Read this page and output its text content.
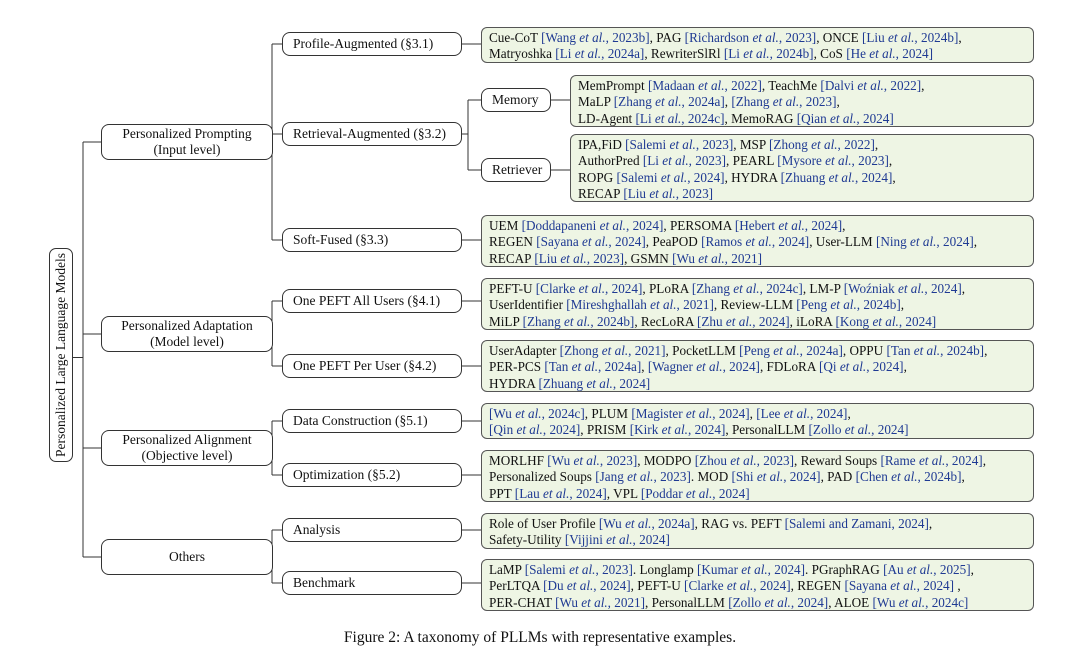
Personalized Large Language Models
Personalized Prompting
(Input level)
Profile-Augmented (§3.1)	Cue-CoT [Wang et al., 2023b], PAG [Richardson et al., 2023], ONCE [Liu et al., 2024b],
Matryoshka [Li et al., 2024a], RewriterSlRl [Li et al., 2024b], CoS [He et al., 2024]
Retrieval-Augmented (§3.2)
Memory
MemPrompt [Madaan et al., 2022], TeachMe [Dalvi et al., 2022],
MaLP [Zhang et al., 2024a], [Zhang et al., 2023],
LD-Agent [Li et al., 2024c], MemoRAG [Qian et al., 2024]
Retriever
IPA,FiD [Salemi et al., 2023], MSP [Zhong et al., 2022],
AuthorPred [Li et al., 2023], PEARL [Mysore et al., 2023],
ROPG [Salemi et al., 2024], HYDRA [Zhuang et al., 2024],
RECAP [Liu et al., 2023]
Soft-Fused (§3.3)
UEM [Doddapaneni et al., 2024], PERSOMA [Hebert et al., 2024],
REGEN [Sayana et al., 2024], PeaPOD [Ramos et al., 2024], User-LLM [Ning et al., 2024],
RECAP [Liu et al., 2023], GSMN [Wu et al., 2021]
Personalized Adaptation
(Model level)
One PEFT All Users (§4.1)
PEFT-U [Clarke et al., 2024], PLoRA [Zhang et al., 2024c], LM-P [Woźniak et al., 2024],
UserIdentifier [Mireshghallah et al., 2021], Review-LLM [Peng et al., 2024b],
MiLP [Zhang et al., 2024b], RecLoRA [Zhu et al., 2024], iLoRA [Kong et al., 2024]
One PEFT Per User (§4.2)
UserAdapter [Zhong et al., 2021], PocketLLM [Peng et al., 2024a], OPPU [Tan et al., 2024b],
PER-PCS [Tan et al., 2024a], [Wagner et al., 2024], FDLoRA [Qi et al., 2024],
HYDRA [Zhuang et al., 2024]
Personalized Alignment
(Objective level)
Data Construction (§5.1)	[Wu et al., 2024c], PLUM [Magister et al., 2024], [Lee et al., 2024],
[Qin et al., 2024], PRISM [Kirk et al., 2024], PersonalLLM [Zollo et al., 2024]
Optimization (§5.2)
MORLHF [Wu et al., 2023], MODPO [Zhou et al., 2023], Reward Soups [Rame et al., 2024],
Personalized Soups [Jang et al., 2023]. MOD [Shi et al., 2024], PAD [Chen et al., 2024b],
PPT [Lau et al., 2024], VPL [Poddar et al., 2024]
Others
Analysis	Role of User Profile [Wu et al., 2024a], RAG vs. PEFT [Salemi and Zamani, 2024],
Safety-Utility [Vijjini et al., 2024]
Benchmark
LaMP [Salemi et al., 2023]. Longlamp [Kumar et al., 2024]. PGraphRAG [Au et al., 2025],
PerLTQA [Du et al., 2024], PEFT-U [Clarke et al., 2024], REGEN [Sayana et al., 2024] ,
PER-CHAT [Wu et al., 2021], PersonalLLM [Zollo et al., 2024], ALOE [Wu et al., 2024c]
Figure 2: A taxonomy of PLLMs with representative examples.
